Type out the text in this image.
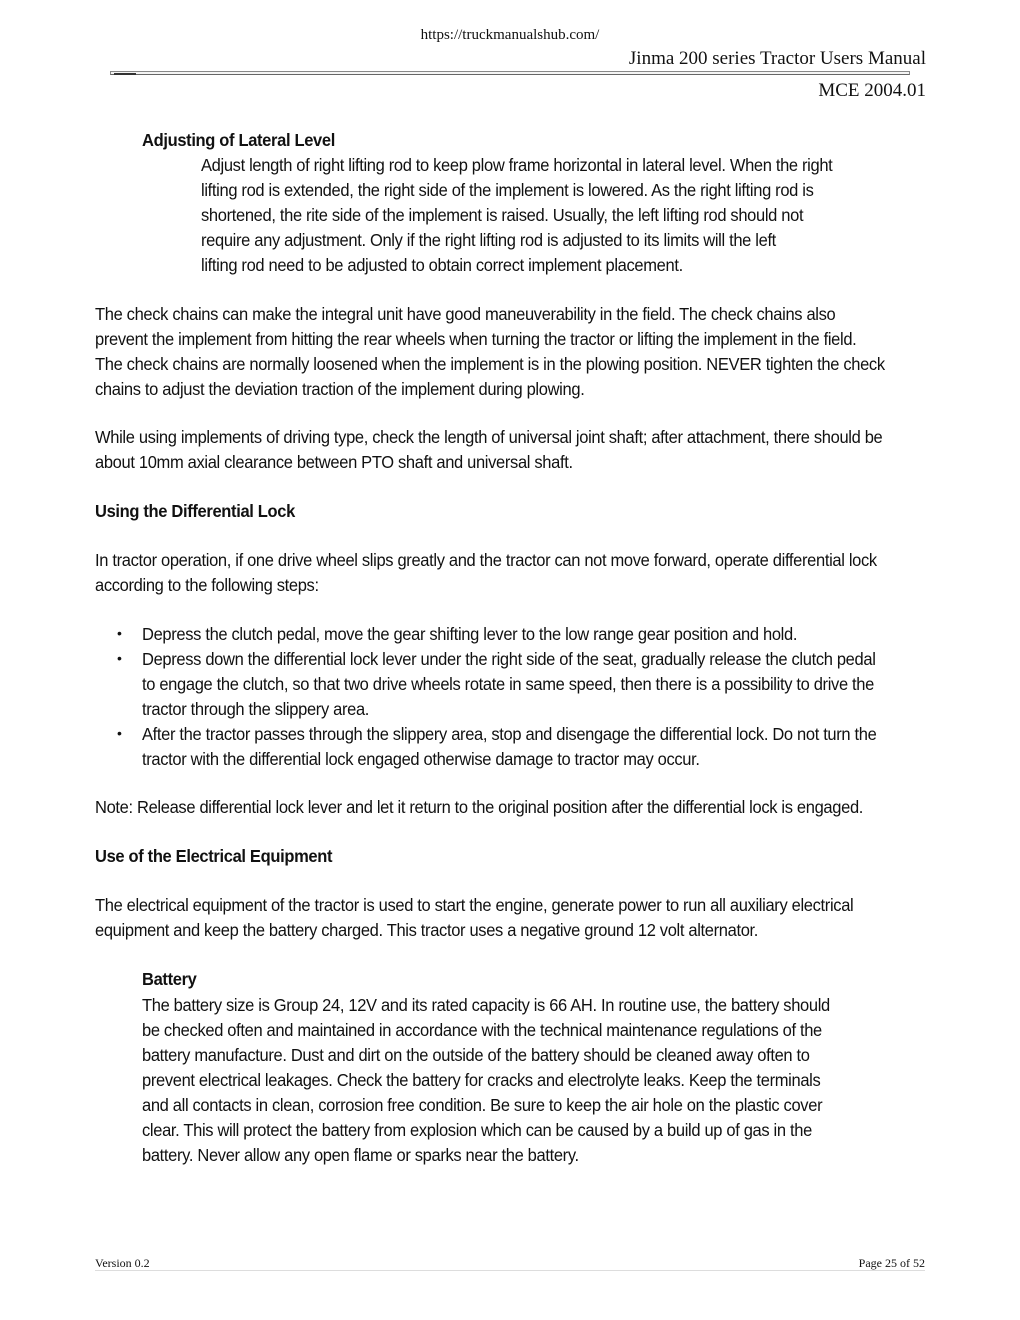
https://truckmanualshub.com/
Jinma 200 series Tractor Users Manual
MCE 2004.01
Adjusting of Lateral Level
Adjust length of right lifting rod to keep plow frame horizontal in lateral level. When the right
lifting rod is extended, the right side of the implement is lowered. As the right lifting rod is
shortened, the rite side of the implement is raised. Usually, the left lifting rod should not
require any adjustment. Only if the right lifting rod is adjusted to its limits will the left
lifting rod need to be adjusted to obtain correct implement placement.
The check chains can make the integral unit have good maneuverability in the field. The check chains also
prevent the implement from hitting the rear wheels when turning the tractor or lifting the implement in the field.
The check chains are normally loosened when the implement is in the plowing position. NEVER tighten the check
chains to adjust the deviation traction of the implement during plowing.
While using implements of driving type, check the length of universal joint shaft; after attachment, there should be
about 10mm axial clearance between PTO shaft and universal shaft.
Using the Differential Lock
In tractor operation, if one drive wheel slips greatly and the tractor can not move forward, operate differential lock
according to the following steps:
• Depress the clutch pedal, move the gear shifting lever to the low range gear position and hold.
• Depress down the differential lock lever under the right side of the seat, gradually release the clutch pedal
to engage the clutch, so that two drive wheels rotate in same speed, then there is a possibility to drive the
tractor through the slippery area.
• After the tractor passes through the slippery area, stop and disengage the differential lock. Do not turn the
tractor with the differential lock engaged otherwise damage to tractor may occur.
Note: Release differential lock lever and let it return to the original position after the differential lock is engaged.
Use of the Electrical Equipment
The electrical equipment of the tractor is used to start the engine, generate power to run all auxiliary electrical
equipment and keep the battery charged. This tractor uses a negative ground 12 volt alternator.
Battery
The battery size is Group 24, 12V and its rated capacity is 66 AH. In routine use, the battery should
be checked often and maintained in accordance with the technical maintenance regulations of the
battery manufacture. Dust and dirt on the outside of the battery should be cleaned away often to
prevent electrical leakages. Check the battery for cracks and electrolyte leaks. Keep the terminals
and all contacts in clean, corrosion free condition. Be sure to keep the air hole on the plastic cover
clear. This will protect the battery from explosion which can be caused by a build up of gas in the
battery. Never allow any open flame or sparks near the battery.
Version 0.2	Page 25 of 52
